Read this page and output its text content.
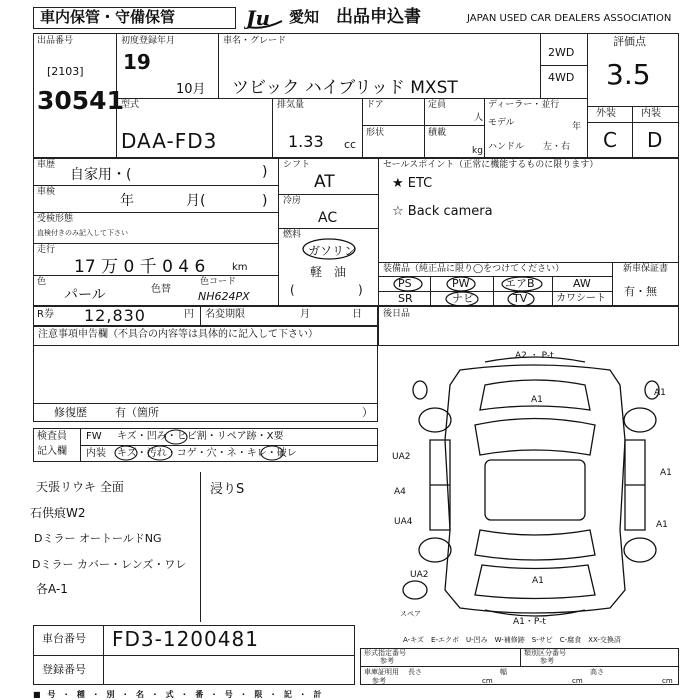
車内保管・守備保管	Ju 愛知 出品申込書	JAPAN USED CAR DEALERS ASSOCIATION
出品番号
[2103]
30541
初度登録年月
19
10月
車名・グレード
ツビック ハイブリッド MXST
2WD
4WD
評価点
3.5
外装	内装
C D
型式
DAA-FD3
排気量
1.33 cc
ドア	定員
人
形状	積載
kg
ディーラー・並行
モデル	年
ハンドル 左・右
車歴
自家用・(	)
車検
年	月(	)
受検形態
直検付きのみ記入して下さい
走行
17 万 0 千 0 4 6	km
色
パール	色替
色コード
NH624PX
シフト
AT
冷房
AC
燃料
ガソリン
軽　油
(	)
セールスポイント（正常に機能するものに限ります）
★ ETC
☆ Back camera
装備品（純正品に限り◯をつけてください）
PS	PW	エアB	AW
SR	ナビ	TV	カワシート
新車保証書
有・無
R券 12,830	円 名変期限	月	日 後日品
注意事項申告欄（不具合の内容等は具体的に記入して下さい）
修復歴	有（箇所	）
検査員
記入欄
FW キズ・凹み・ヒビ割・リペア跡・X要
内装 キズ・汚れ・コゲ・穴・ネ・キレ・破レ
天張リウキ 全面
石供痕W2
Dミラー オートールドNG
Dミラー カバー・レンズ・ワレ
各A-1
浸りS
A2 ・ P-t
A1
A1
A1
UA2
A4
UA4	A1
UA2
A1
A1・P-t
スペア
A-キズ　E-エクボ　U-凹み　W-補修跡　S-サビ　C-腐食　XX-交換済
車台番号 FD3-1200481
登録番号
形式指定番号
参考
類別区分番号
参考
車庫証明用
参考
長さ
cm
幅
cm
高さ
cm
■ 号 ・ 種 ・ 別 ・ 名 ・ 式 ・ 番 ・ 号 ・ 限 ・ 記 ・ 計
